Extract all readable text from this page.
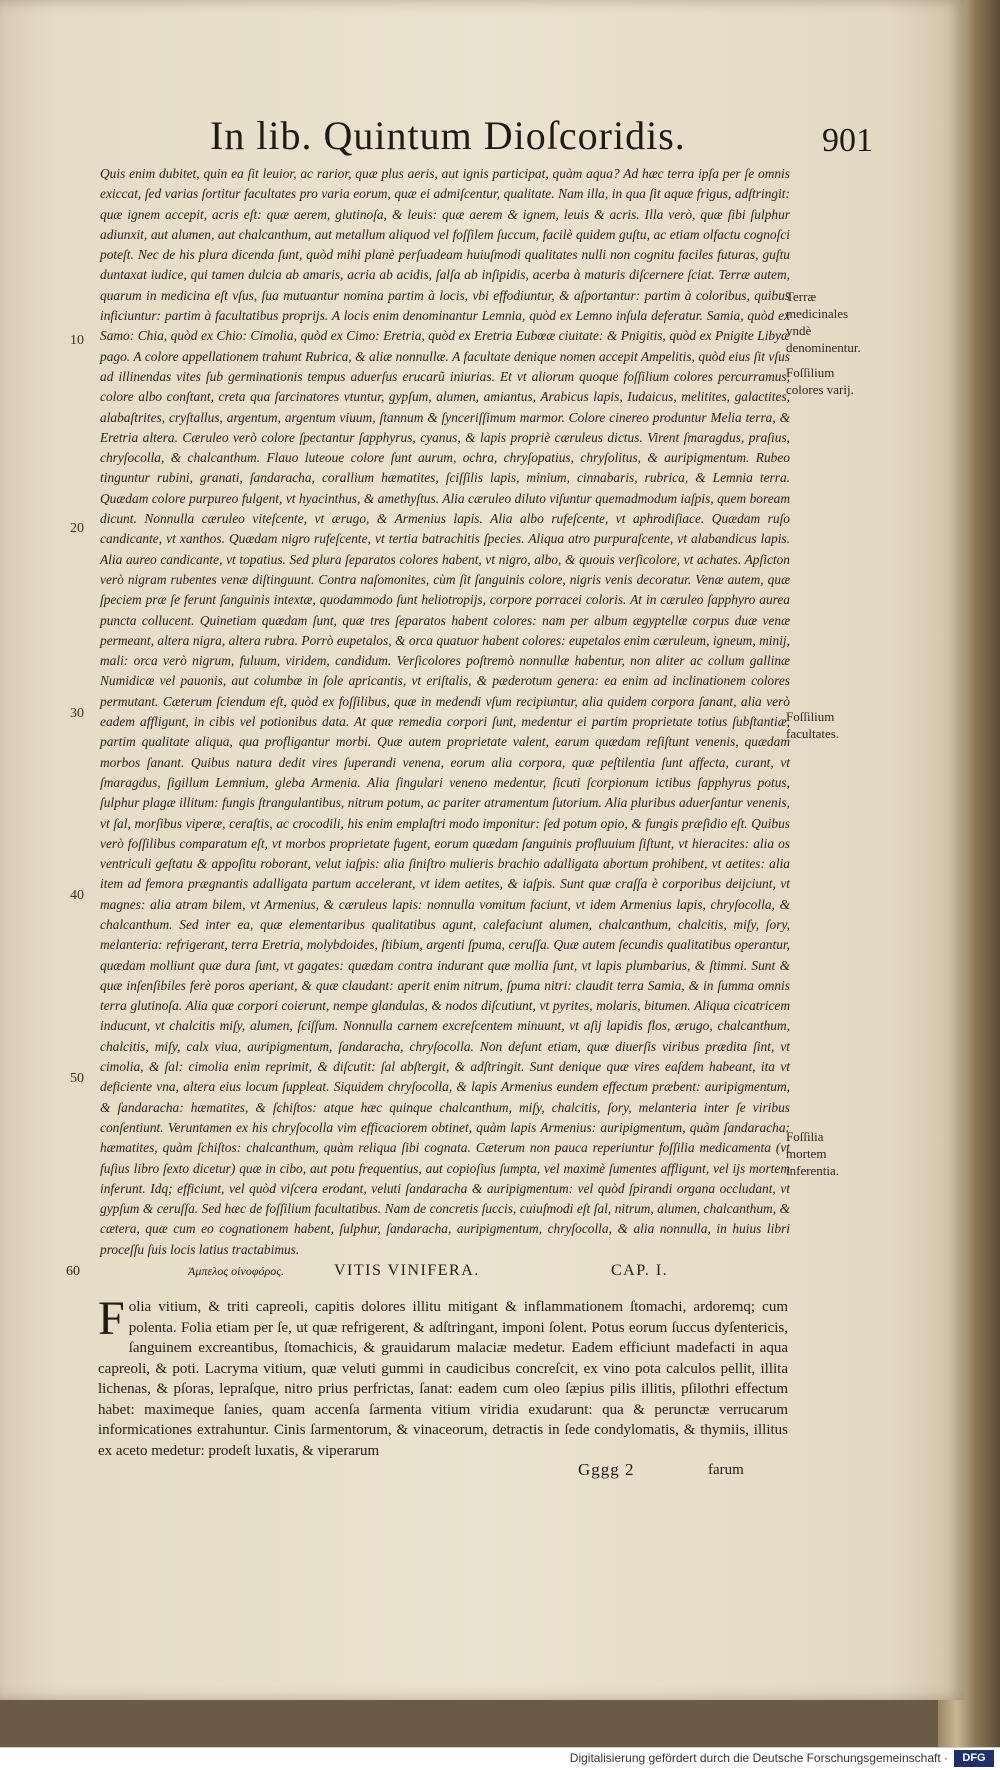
In lib. Quintum Dioſcoridis.	901
Quis enim dubitet, quin ea ſit leuior, ac rarior, quæ plus aeris, aut ignis participat, quàm aqua? Ad hæc terra ipſa per ſe omnis exiccat, ſed varias ſortitur facultates pro varia eorum, quæ ei admiſcentur, qualitate. Nam illa, in qua ſit aquæ frigus, adſtringit: quæ ignem accepit, acris eſt: quæ aerem, glutinoſa, & leuis: quæ aerem & ignem, leuis & acris. Illa verò, quæ ſibi ſulphur adiunxit, aut alumen, aut chalcanthum, aut metallum aliquod vel foſſilem ſuccum, facilè quidem guſtu, ac etiam olfactu cognoſci poteſt. Nec de his plura dicenda ſunt, quòd mihi planè perſuadeam huiuſmodi qualitates nulli non cognitu faciles futuras, guſtu duntaxat iudice, qui tamen dulcia ab amaris, acria ab acidis, ſalſa ab inſipidis, acerba à maturis diſcernere ſciat. Terræ autem, quarum in medicina eſt vſus, ſua mutuantur nomina partim à locis, vbi effodiuntur, & aſportantur: partim à coloribus, quibus inficiuntur: partim à facultatibus proprijs. A locis enim denominantur Lemnia, quòd ex Lemno inſula deferatur. Samia, quòd ex Samo: Chia, quòd ex Chio: Cimolia, quòd ex Cimo: Eretria, quòd ex Eretria Eubœæ ciuitate: & Pnigitis, quòd ex Pnigite Libyæ pago. A colore appellationem trahunt Rubrica, & aliæ nonnullæ. A facultate denique nomen accepit Ampelitis, quòd eius ſit vſus ad illinendas vites ſub germinationis tempus aduerſus erucarũ iniurias. Et vt aliorum quoque foſſilium colores percurramus, colore albo conſtant, creta qua ſarcinatores vtuntur, gypſum, alumen, amiantus, Arabicus lapis, Iudaicus, melitites, galactites, alabaſtrites, cryſtallus, argentum, argentum viuum, ſtannum & ſynceriſſimum marmor. Colore cinereo produntur Melia terra, & Eretria altera. Cæruleo verò colore ſpectantur ſapphyrus, cyanus, & lapis propriè cæruleus dictus. Virent ſmaragdus, praſius, chryſocolla, & chalcanthum. Flauo luteoue colore ſunt aurum, ochra, chryſopatius, chryſolitus, & auripigmentum. Rubeo tinguntur rubini, granati, ſandaracha, corallium hæmatites, ſciſſilis lapis, minium, cinnabaris, rubrica, & Lemnia terra. Quædam colore purpureo fulgent, vt hyacinthus, & amethyſtus. Alia cæruleo diluto viſuntur quemadmodum iaſpis, quem boream dicunt. Nonnulla cæruleo viteſcente, vt ærugo, & Armenius lapis. Alia albo rufeſcente, vt aphrodiſiace. Quædam ruſo candicante, vt xanthos. Quædam nigro rufeſcente, vt tertia batrachitis ſpecies. Aliqua atro purpuraſcente, vt alabandicus lapis. Alia aureo candicante, vt topatius. Sed plura ſeparatos colores habent, vt nigro, albo, & quouis verſicolore, vt achates. Apſicton verò nigram rubentes venæ diſtinguunt. Contra naſomonites, cùm ſit ſanguinis colore, nigris venis decoratur. Venæ autem, quæ ſpeciem præ ſe ferunt ſanguinis intextæ, quodammodo ſunt heliotropijs, corpore porracei coloris. At in cæruleo ſapphyro aurea puncta collucent. Quinetiam quædam ſunt, quæ tres ſeparatos habent colores: nam per album ægyptellæ corpus duæ venæ permeant, altera nigra, altera rubra. Porrò eupetalos, & orca quatuor habent colores: eupetalos enim cæruleum, igneum, minij, mali: orca verò nigrum, fuluum, viridem, candidum. Verſicolores poſtremò nonnullæ habentur, non aliter ac collum gallinæ Numidicæ vel pauonis, aut columbæ in ſole apricantis, vt eriſtalis, & pæderotum genera: ea enim ad inclinationem colores permutant. Cæterum ſciendum eſt, quòd ex foſſilibus, quæ in medendi vſum recipiuntur, alia quidem corpora ſanant, alia verò eadem affligunt, in cibis vel potionibus data. At quæ remedia corpori ſunt, medentur ei partim proprietate totius ſubſtantiæ, partim qualitate aliqua, qua profligantur morbi. Quæ autem proprietate valent, earum quædam reſiſtunt venenis, quædam morbos ſanant. Quibus natura dedit vires ſuperandi venena, eorum alia corpora, quæ peſtilentia ſunt affecta, curant, vt ſmaragdus, ſigillum Lemnium, gleba Armenia. Alia ſingulari veneno medentur, ſicuti ſcorpionum ictibus ſapphyrus potus, ſulphur plagæ illitum: fungis ſtrangulantibus, nitrum potum, ac pariter atramentum ſutorium. Alia pluribus aduerſantur venenis, vt ſal, morſibus viperæ, ceraſtis, ac crocodili, his enim emplaſtri modo imponitur: ſed potum opio, & fungis præſidio eſt. Quibus verò foſſilibus comparatum eſt, vt morbos proprietate fugent, eorum quædam ſanguinis profluuium ſiſtunt, vt hieracites: alia os ventriculi geſtatu & appoſitu roborant, velut iaſpis: alia ſiniſtro mulieris brachio adalligata abortum prohibent, vt aetites: alia item ad femora prægnantis adalligata partum accelerant, vt idem aetites, & iaſpis. Sunt quæ craſſa è corporibus deijciunt, vt magnes: alia atram bilem, vt Armenius, & cæruleus lapis: nonnulla vomitum faciunt, vt idem Armenius lapis, chryſocolla, & chalcanthum. Sed inter ea, quæ elementaribus qualitatibus agunt, calefaciunt alumen, chalcanthum, chalcitis, miſy, ſory, melanteria: refrigerant, terra Eretria, molybdoides, ſtibium, argenti ſpuma, ceruſſa. Quæ autem ſecundis qualitatibus operantur, quædam molliunt quæ dura ſunt, vt gagates: quædam contra indurant quæ mollia ſunt, vt lapis plumbarius, & ſtimmi. Sunt & quæ inſenſibiles ferè poros aperiant, & quæ claudant: aperit enim nitrum, ſpuma nitri: claudit terra Samia, & in ſumma omnis terra glutinoſa. Alia quæ corpori coierunt, nempe glandulas, & nodos diſcutiunt, vt pyrites, molaris, bitumen. Aliqua cicatricem inducunt, vt chalcitis miſy, alumen, ſciſſum. Nonnulla carnem excreſcentem minuunt, vt aſij lapidis flos, ærugo, chalcanthum, chalcitis, miſy, calx viua, auripigmentum, ſandaracha, chryſocolla. Non deſunt etiam, quæ diuerſis viribus prædita ſint, vt cimolia, & ſal: cimolia enim reprimit, & diſcutit: ſal abſtergit, & adſtringit. Sunt denique quæ vires eaſdem habeant, ita vt deficiente vna, altera eius locum ſuppleat. Siquidem chryſocolla, & lapis Armenius eundem effectum præbent: auripigmentum, & ſandaracha: hæmatites, & ſchiſtos: atque hæc quinque chalcanthum, miſy, chalcitis, ſory, melanteria inter ſe viribus conſentiunt. Veruntamen ex his chryſocolla vim efficaciorem obtinet, quàm lapis Armenius: auripigmentum, quàm ſandaracha: hæmatites, quàm ſchiſtos: chalcanthum, quàm reliqua ſibi cognata. Cæterum non pauca reperiuntur foſſilia medicamenta (vt fuſius libro ſexto dicetur) quæ in cibo, aut potu frequentius, aut copioſius ſumpta, vel maximè ſumentes affligunt, vel ijs mortem inferunt. Idq; efficiunt, vel quòd viſcera erodant, veluti ſandaracha & auripigmentum: vel quòd ſpirandi organa occludant, vt gypſum & ceruſſa. Sed hæc de foſſilium facultatibus. Nam de concretis ſuccis, cuiuſmodi eſt ſal, nitrum, alumen, chalcanthum, & cætera, quæ cum eo cognationem habent, ſulphur, ſandaracha, auripigmentum, chryſocolla, & alia nonnulla, in huius libri proceſſu ſuis locis latius tractabimus.
10
20
30
40
50
Terræ medicinales vndè denominentur.
Foſſilium colores varij.
Foſſilium facultates.
Foſſilia mortem inferentia.
60	Ἀμπελος οἰνοφόρος.	VITIS VINIFERA.	CAP. I.
F olia vitium, & triti capreoli, capitis dolores illitu mitigant & inflammationem ſtomachi, ardoremq; cum polenta. Folia etiam per ſe, ut quæ refrigerent, & adſtringant, imponi ſolent. Potus eorum ſuccus dyſentericis, ſanguinem excreantibus, ſtomachicis, & grauidarum malaciæ medetur. Eadem efficiunt madefacti in aqua capreoli, & poti. Lacryma vitium, quæ veluti gummi in caudicibus concreſcit, ex vino pota calculos pellit, illita lichenas, & pſoras, lepraſque, nitro prius perfrictas, ſanat: eadem cum oleo ſæpius pilis illitis, pſilothri effectum habet: maximeque ſanies, quam accenſa ſarmenta vitium viridia exudarunt: qua & perunctæ verrucarum informicationes extrahuntur. Cinis ſarmentorum, & vinaceorum, detractis in ſede condylomatis, & thymiis, illitus ex aceto medetur: prodeſt luxatis, & viperarum
Gggg 2	farum
Digitalisierung gefördert durch die Deutsche Forschungsgemeinschaft ·	DFG
